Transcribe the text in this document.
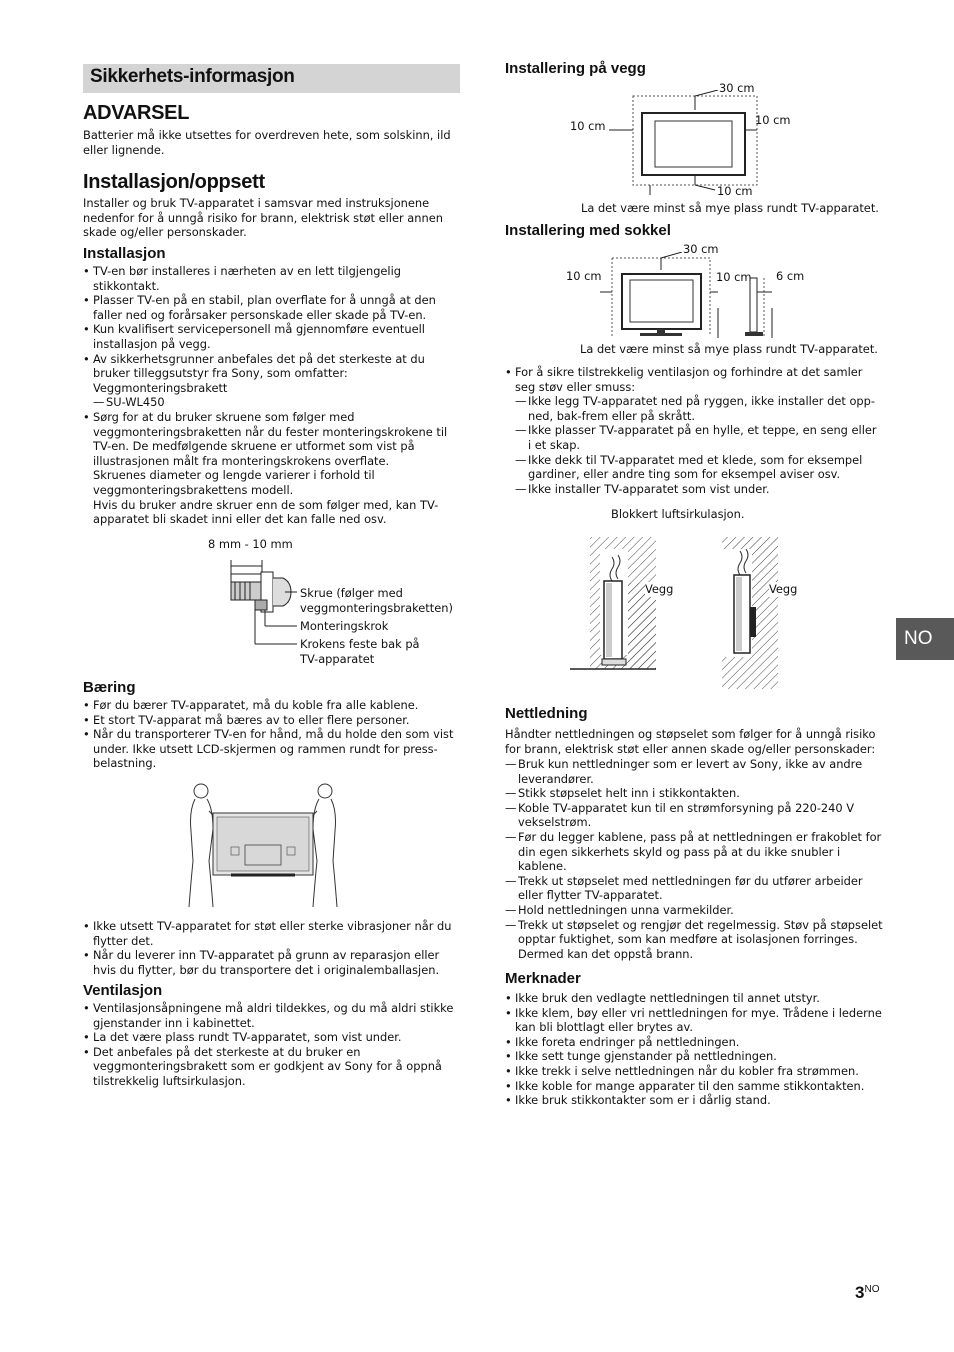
Sikkerhets-informasjon
ADVARSEL
Batterier må ikke utsettes for overdreven hete, som solskinn, ild eller lignende.
Installasjon/oppsett
Installer og bruk TV-apparatet i samsvar med instruksjonene nedenfor for å unngå risiko for brann, elektrisk støt eller annen skade og/eller personskader.
Installasjon
• TV-en bør installeres i nærheten av en lett tilgjengelig stikkontakt.
• Plasser TV-en på en stabil, plan overflate for å unngå at den faller ned og forårsaker personskade eller skade på TV-en.
• Kun kvalifisert servicepersonell må gjennomføre eventuell installasjon på vegg.
• Av sikkerhetsgrunner anbefales det på det sterkeste at du bruker tilleggsutstyr fra Sony, som omfatter:
Veggmonteringsbrakett
— SU-WL450
• Sørg for at du bruker skruene som følger med veggmonteringsbraketten når du fester monteringskrokene til TV-en. De medfølgende skruene er utformet som vist på illustrasjonen målt fra monteringskrokens overflate.
Skruenes diameter og lengde varierer i forhold til veggmonteringsbrakettens modell.
Hvis du bruker andre skruer enn de som følger med, kan TV-apparatet bli skadet inni eller det kan falle ned osv.
8 mm - 10 mm
Skrue (følger med veggmonteringsbraketten)
Monteringskrok
Krokens feste bak på TV-apparatet
Bæring
• Før du bærer TV-apparatet, må du koble fra alle kablene.
• Et stort TV-apparat må bæres av to eller flere personer.
• Når du transporterer TV-en for hånd, må du holde den som vist under. Ikke utsett LCD-skjermen og rammen rundt for press-belastning.
• Ikke utsett TV-apparatet for støt eller sterke vibrasjoner når du flytter det.
• Når du leverer inn TV-apparatet på grunn av reparasjon eller hvis du flytter, bør du transportere det i originalemballasjen.
Ventilasjon
• Ventilasjonsåpningene må aldri tildekkes, og du må aldri stikke gjenstander inn i kabinettet.
• La det være plass rundt TV-apparatet, som vist under.
• Det anbefales på det sterkeste at du bruker en veggmonteringsbrakett som er godkjent av Sony for å oppnå tilstrekkelig luftsirkulasjon.
Installering på vegg
30 cm
10 cm	10 cm
10 cm
La det være minst så mye plass rundt TV-apparatet.
Installering med sokkel
30 cm
10 cm	10 cm 6 cm
La det være minst så mye plass rundt TV-apparatet.
• For å sikre tilstrekkelig ventilasjon og forhindre at det samler seg støv eller smuss:
— Ikke legg TV-apparatet ned på ryggen, ikke installer det opp-ned, bak-frem eller på skrått.
— Ikke plasser TV-apparatet på en hylle, et teppe, en seng eller i et skap.
— Ikke dekk til TV-apparatet med et klede, som for eksempel gardiner, eller andre ting som for eksempel aviser osv.
— Ikke installer TV-apparatet som vist under.
Blokkert luftsirkulasjon.
Vegg	Vegg
Nettledning
Håndter nettledningen og støpselet som følger for å unngå risiko for brann, elektrisk støt eller annen skade og/eller personskader:
— Bruk kun nettledninger som er levert av Sony, ikke av andre leverandører.
— Stikk støpselet helt inn i stikkontakten.
— Koble TV-apparatet kun til en strømforsyning på 220-240 V vekselstrøm.
— Før du legger kablene, pass på at nettledningen er frakoblet for din egen sikkerhets skyld og pass på at du ikke snubler i kablene.
— Trekk ut støpselet med nettledningen før du utfører arbeider eller flytter TV-apparatet.
— Hold nettledningen unna varmekilder.
— Trekk ut støpselet og rengjør det regelmessig. Støv på støpselet opptar fuktighet, som kan medføre at isolasjonen forringes. Dermed kan det oppstå brann.
Merknader
• Ikke bruk den vedlagte nettledningen til annet utstyr.
• Ikke klem, bøy eller vri nettledningen for mye. Trådene i lederne kan bli blottlagt eller brytes av.
• Ikke foreta endringer på nettledningen.
• Ikke sett tunge gjenstander på nettledningen.
• Ikke trekk i selve nettledningen når du kobler fra strømmen.
• Ikke koble for mange apparater til den samme stikkontakten.
• Ikke bruk stikkontakter som er i dårlig stand.
NO
$3^{NO}$
